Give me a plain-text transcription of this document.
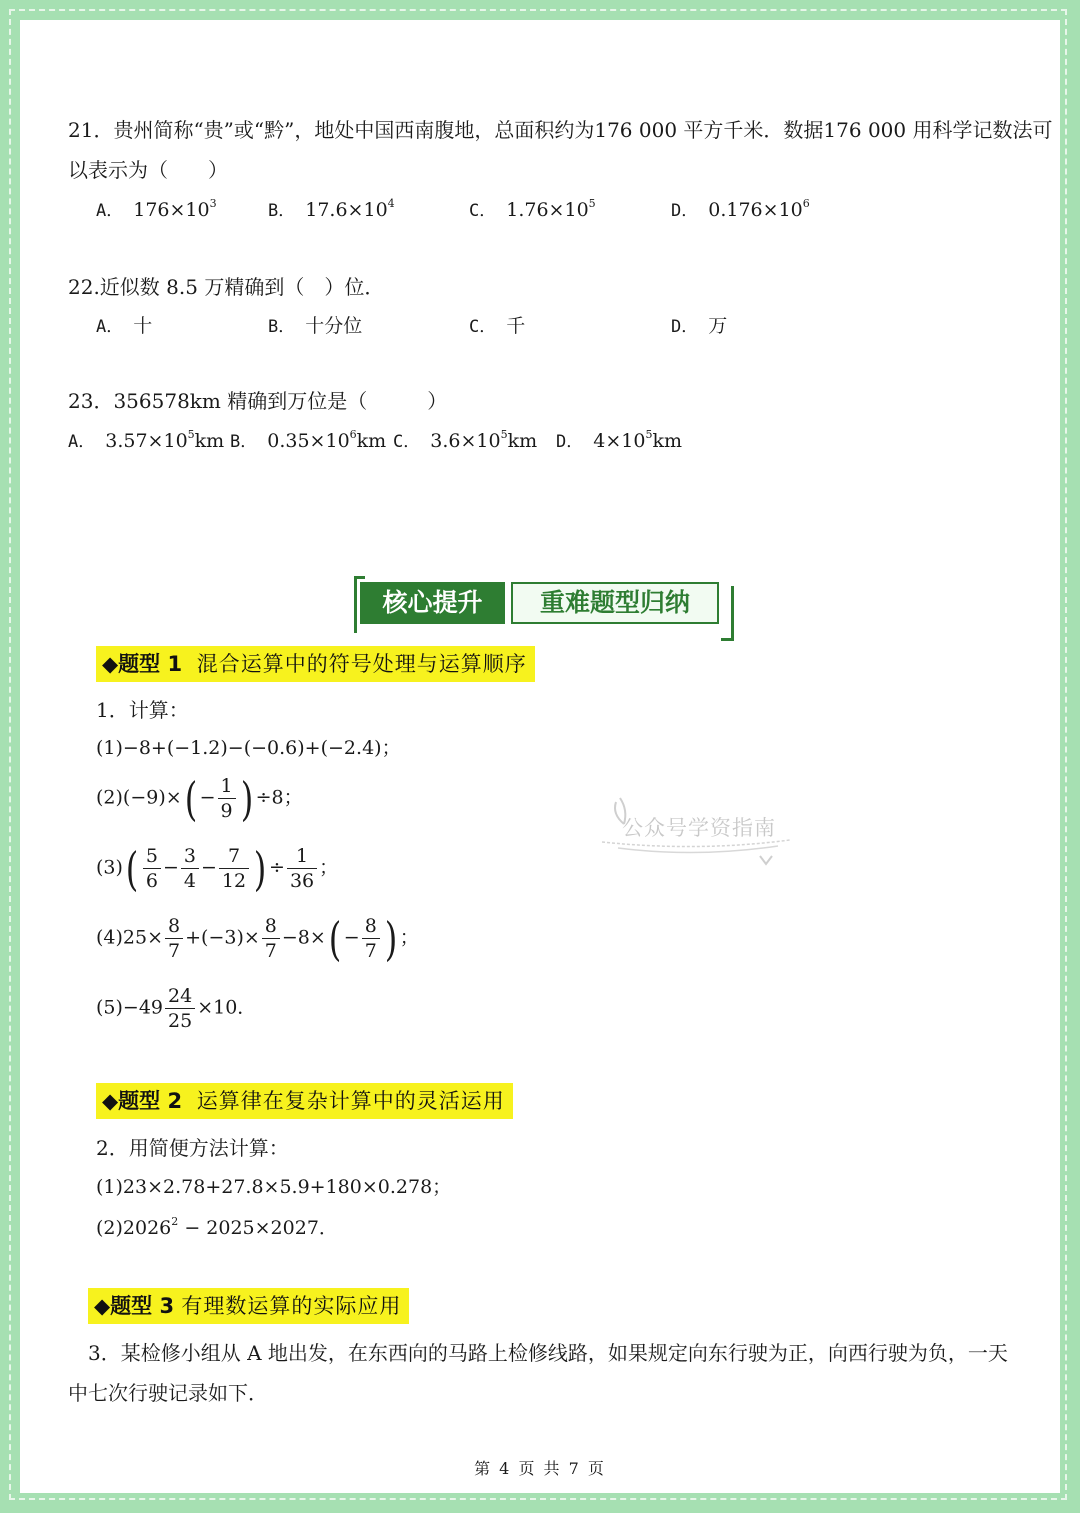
21．贵州简称“贵”或“黔”，地处中国西南腹地，总面积约为176 000 平方千米．数据176 000 用科学记数法可
以表示为（　　）
A． $176\times 10^3$	B． $17.6\times 10^4$	C． $1.76\times 10^5$	D． $0.176\times 10^6$
22.近似数 8.5 万精确到（　）位．
A． 十	B． 十分位	C． 千	D． 万
23．356578km 精确到万位是（　　　）
A． $3.57\times 10^5km$ B． $0.35\times 10^6km$ C． $3.6\times 10^5km$ D． $4\times 10^5km$
核心提升	重难题型归纳
◆题型 1 混合运算中的符号处理与运算顺序
1．计算：
(1)−8+(−1.2)−(−0.6)+(−2.4)；
$(2)(-9)\times( - \frac{1}{9}$ ) ÷8；
$(3)( \frac{5}{6} - \frac{3}{4} - \frac{7}{12}$ ) ÷ $\frac{1}{36}$ ；
$(4)25\times \frac{8}{7} +(-3)\times \frac{8}{7} -8\times( - \frac{8}{7}$ ) ；
$(5)-49 \frac{24}{25} \times 10$．
公众号学资指南
◆题型 2 运算律在复杂计算中的灵活运用
2．用简便方法计算：
(1)23×2.78+27.8×5.9+180×0.278；
$(2)2026^2 - 2025\times 2027$．
◆题型 3 有理数运算的实际应用
3．某检修小组从 A 地出发，在东西向的马路上检修线路，如果规定向东行驶为正，向西行驶为负，一天
中七次行驶记录如下．
第 4 页 共 7 页
